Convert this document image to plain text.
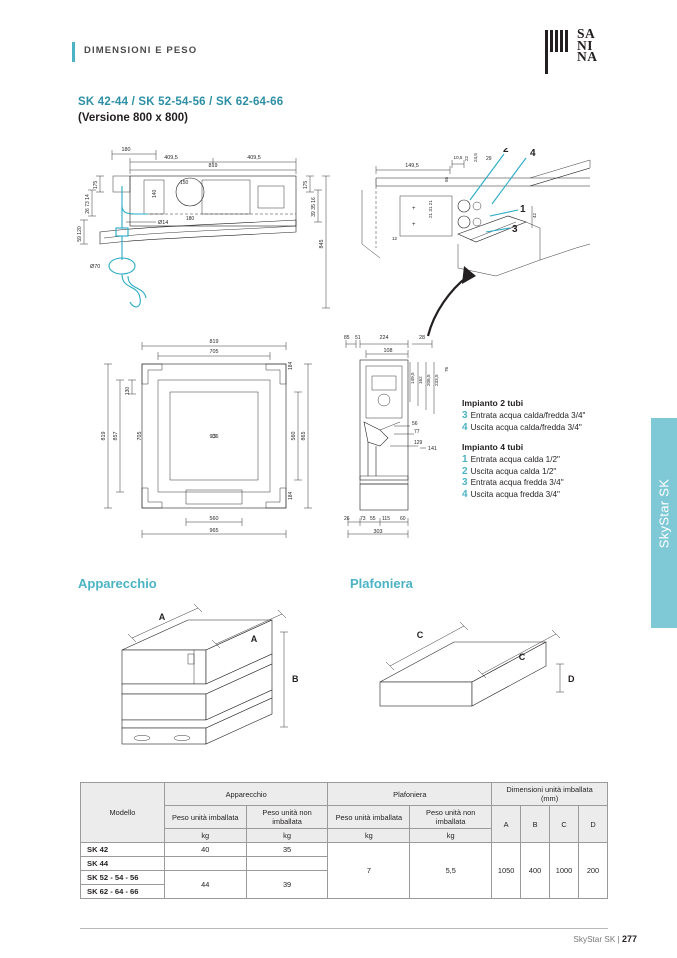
DIMENSIONI E PESO
SA
NI
NA
SkyStar SK
SK 42-44 / SK 52-54-56 / SK 62-64-66
(Versione 800 x 800)
180
409,5	409,5
819
175
26 73 14
59 120
175
39 35 16
845
150
140
180
Ø14
Ø70
819
705
184
130
857
819	705	560 865
184
936
560
965
149,5
10,5 22 24,5 29
55
+
+
21 31 21
12
42
2 4
1
3
85 51	224	28
108
149,5 162 206,5 233,5
76
56
77
129
141
26 73 55 115 60
303
Impianto 2 tubi
3 Entrata acqua calda/fredda 3/4"
4 Uscita acqua calda/fredda 3/4"
Impianto 4 tubi
1 Entrata acqua calda 1/2"
2 Uscita acqua calda 1/2"
3 Entrata acqua fredda 3/4"
4 Uscita acqua fredda 3/4"
Apparecchio	Plafoniera
A
A
B
C
C
D
Modello	Apparecchio		Plafoniera		Dimensioni unità imballata
(mm)			

	Peso unità imballata	Peso unità non imballata	Peso unità imballata	Peso unità non imballata	A	B	C	D
	kg	kg	kg	kg				
SK 42	40	35	7	5,5	1050	400	1000	200
SK 44								
SK 52 - 54 - 56	44	39						
SK 62 - 64 - 66								
SkyStar SK | 277
